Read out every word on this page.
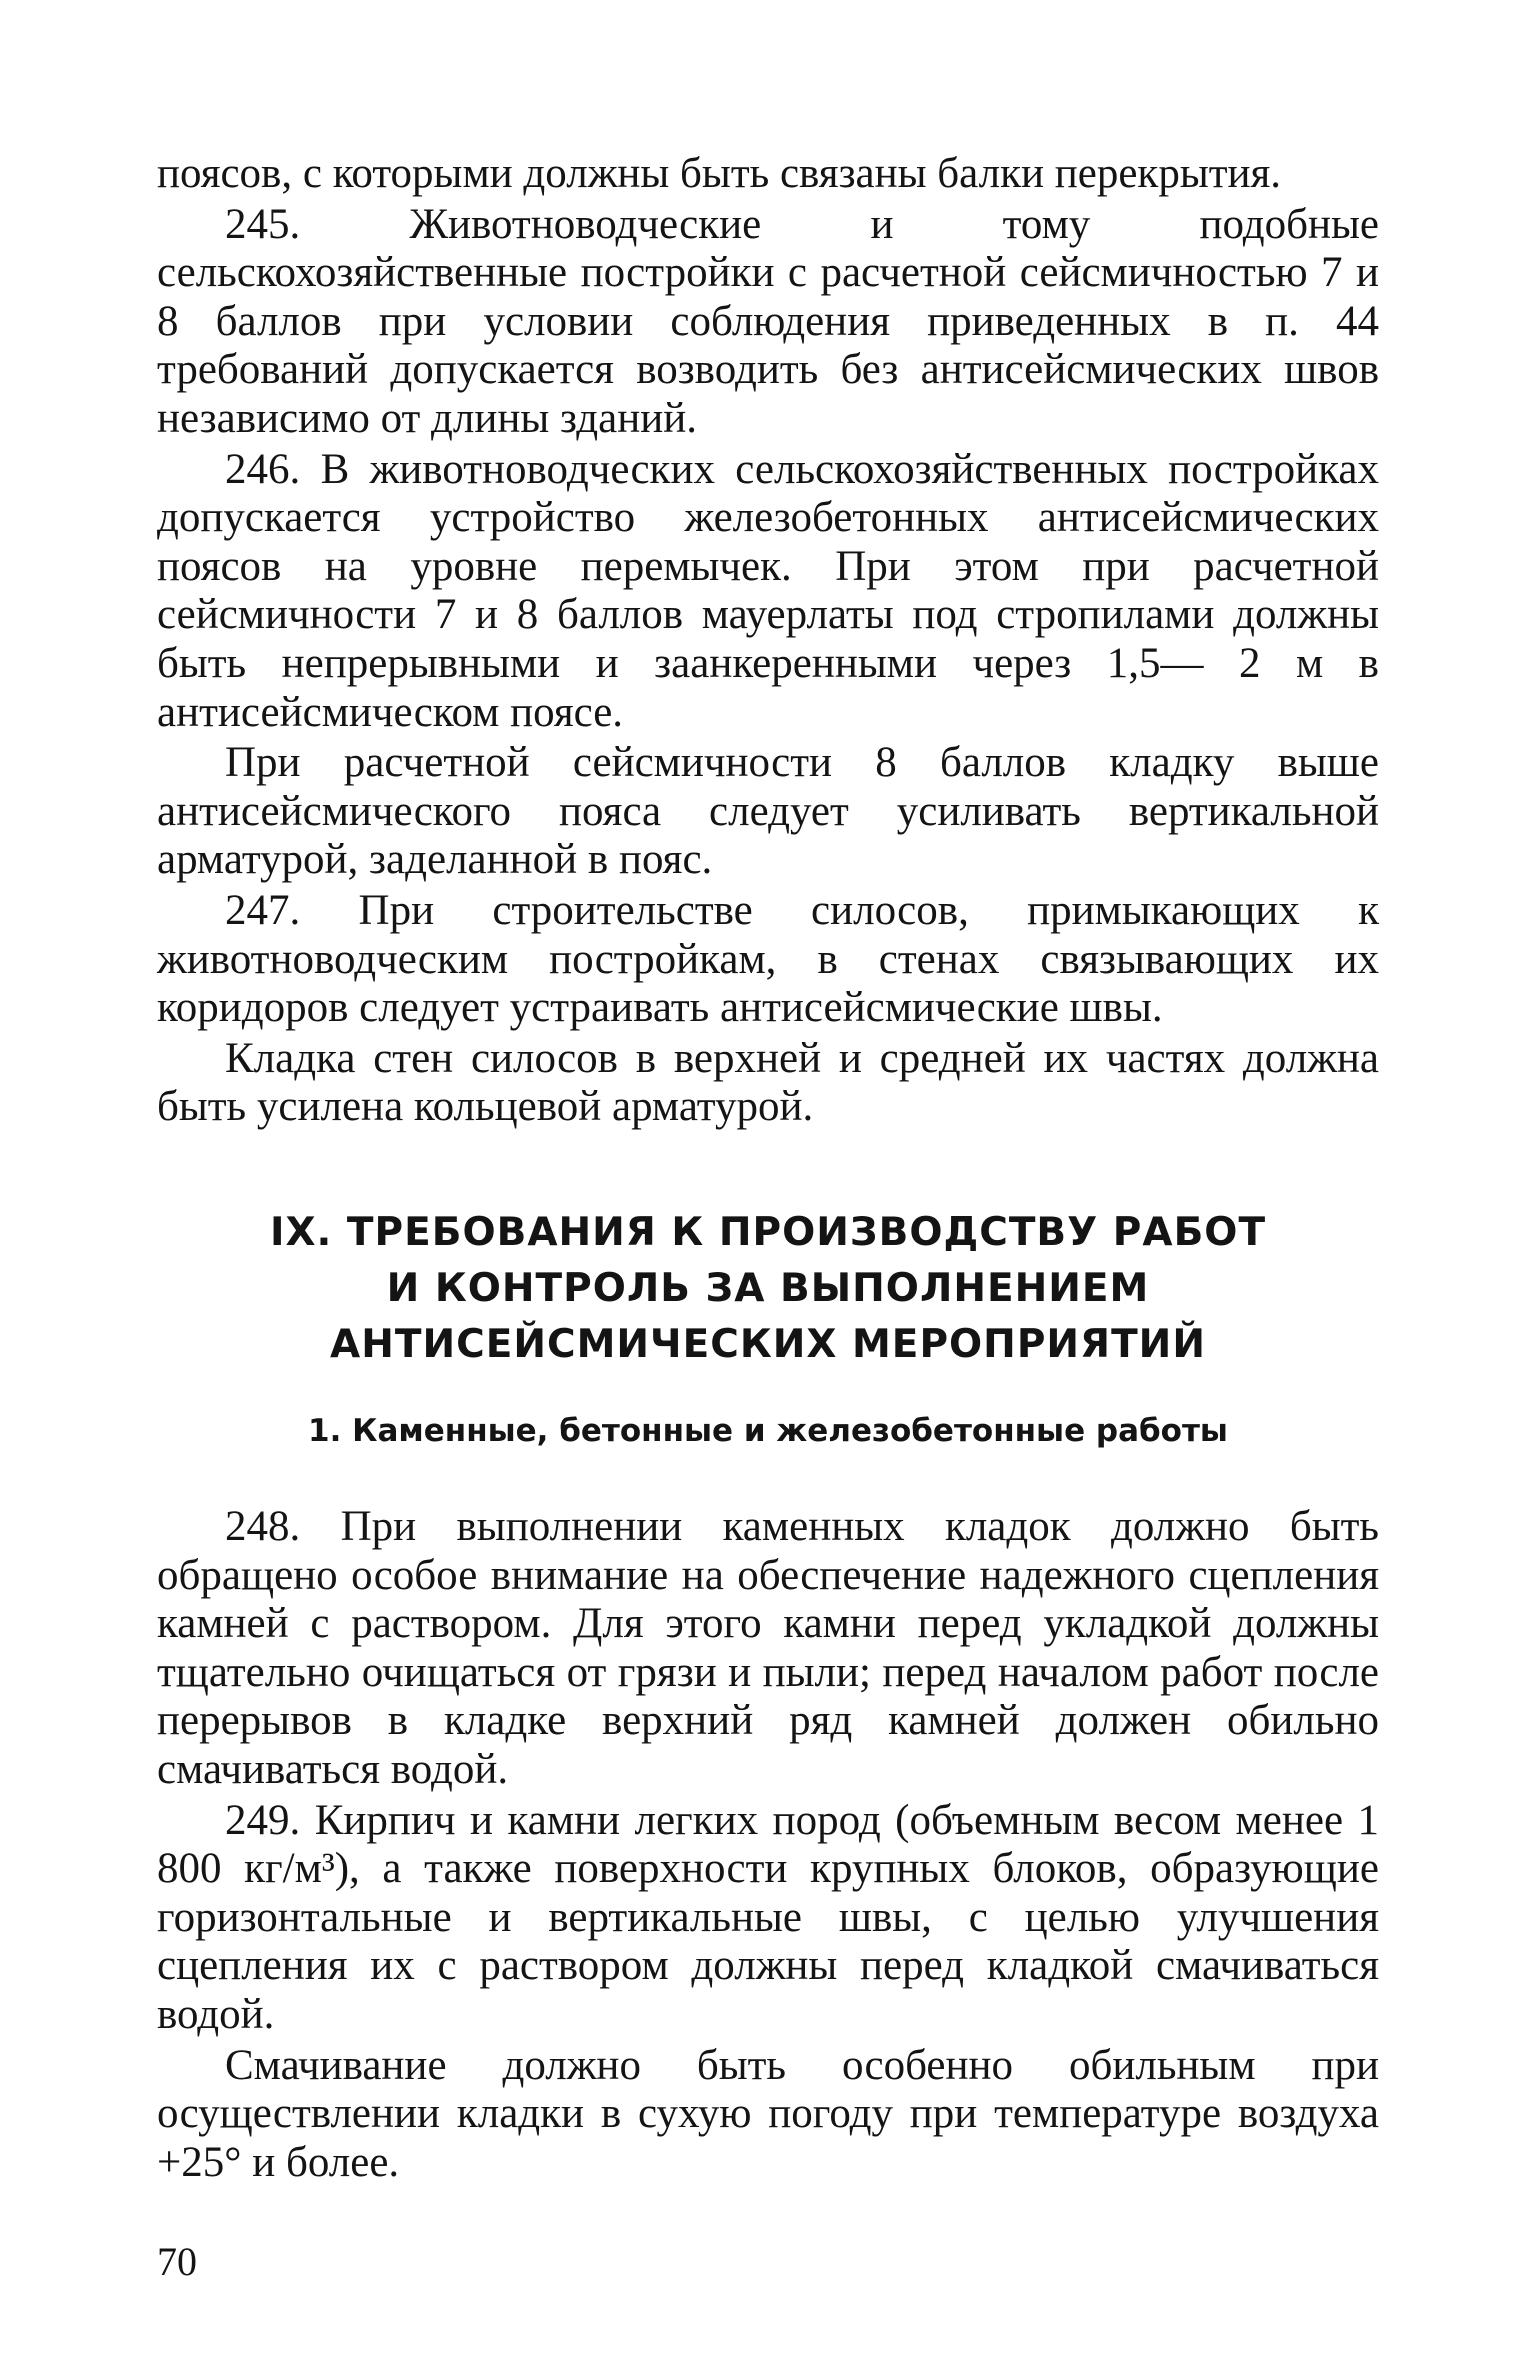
поясов, с которыми должны быть связаны балки перекрытия.

245. Животноводческие и тому подобные сельскохозяйственные постройки с расчетной сейсмичностью 7 и 8 баллов при условии соблюдения приведенных в п. 44 требований допускается возводить без антисейсмических швов независимо от длины зданий.

246. В животноводческих сельскохозяйственных постройках допускается устройство железобетонных антисейсмических поясов на уровне перемычек. При этом при расчетной сейсмичности 7 и 8 баллов мауерлаты под стропилами должны быть непрерывными и заанкеренными через 1,5— 2 м в антисейсмическом поясе.

При расчетной сейсмичности 8 баллов кладку выше антисейсмического пояса следует усиливать вертикальной арматурой, заделанной в пояс.

247. При строительстве силосов, примыкающих к животноводческим постройкам, в стенах связывающих их коридоров следует устраивать антисейсмические швы.

Кладка стен силосов в верхней и средней их частях должна быть усилена кольцевой арматурой.

IX. ТРЕБОВАНИЯ К ПРОИЗВОДСТВУ РАБОТ
И КОНТРОЛЬ ЗА ВЫПОЛНЕНИЕМ
АНТИСЕЙСМИЧЕСКИХ МЕРОПРИЯТИЙ
1. Каменные, бетонные и железобетонные работы

248. При выполнении каменных кладок должно быть обращено особое внимание на обеспечение надежного сцепления камней с раствором. Для этого камни перед укладкой должны тщательно очищаться от грязи и пыли; перед началом работ после перерывов в кладке верхний ряд камней должен обильно смачиваться водой.

249. Кирпич и камни легких пород (объемным весом менее 1 800 кг/м³), а также поверхности крупных блоков, образующие горизонтальные и вертикальные швы, с целью улучшения сцепления их с раствором должны перед кладкой смачиваться водой.

Смачивание должно быть особенно обильным при осуществлении кладки в сухую погоду при температуре воздуха +25° и более.

70
